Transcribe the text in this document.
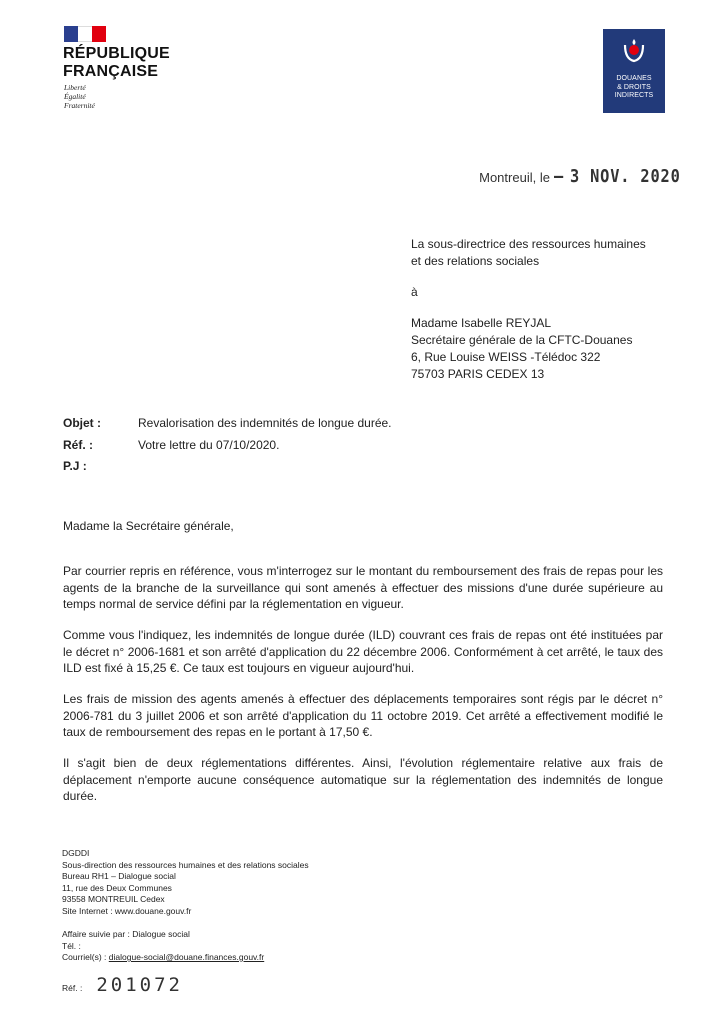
RÉPUBLIQUE
FRANÇAISE
Liberté
Égalité
Fraternité
DOUANES
& DROITS
INDIRECTS
Montreuil, le – 3 NOV. 2020
La sous-directrice des ressources humaines
et des relations sociales
à
Madame Isabelle REYJAL
Secrétaire générale de la CFTC-Douanes
6, Rue Louise WEISS -Télédoc 322
75703 PARIS CEDEX 13
Objet :	Revalorisation des indemnités de longue durée.
Réf. :	Votre lettre du 07/10/2020.
P.J :
Madame la Secrétaire générale,
Par courrier repris en référence, vous m'interrogez sur le montant du remboursement des frais de repas pour les agents de la branche de la surveillance qui sont amenés à effectuer des missions d'une durée supérieure au temps normal de service défini par la réglementation en vigueur.
Comme vous l'indiquez, les indemnités de longue durée (ILD) couvrant ces frais de repas ont été instituées par le décret n° 2006-1681 et son arrêté d'application du 22 décembre 2006. Conformément à cet arrêté, le taux des ILD est fixé à 15,25 €. Ce taux est toujours en vigueur aujourd'hui.
Les frais de mission des agents amenés à effectuer des déplacements temporaires sont régis par le décret n° 2006-781 du 3 juillet 2006 et son arrêté d'application du 11 octobre 2019. Cet arrêté a effectivement modifié le taux de remboursement des repas en le portant à 17,50 €.
Il s'agit bien de deux réglementations différentes. Ainsi, l'évolution réglementaire relative aux frais de déplacement n'emporte aucune conséquence automatique sur la réglementation des indemnités de longue durée.
DGDDI
Sous-direction des ressources humaines et des relations sociales
Bureau RH1 – Dialogue social
11, rue des Deux Communes
93558 MONTREUIL Cedex
Site Internet : www.douane.gouv.fr
Affaire suivie par : Dialogue social
Tél. :
Courriel(s) : dialogue-social@douane.finances.gouv.fr
Réf. : 201072
